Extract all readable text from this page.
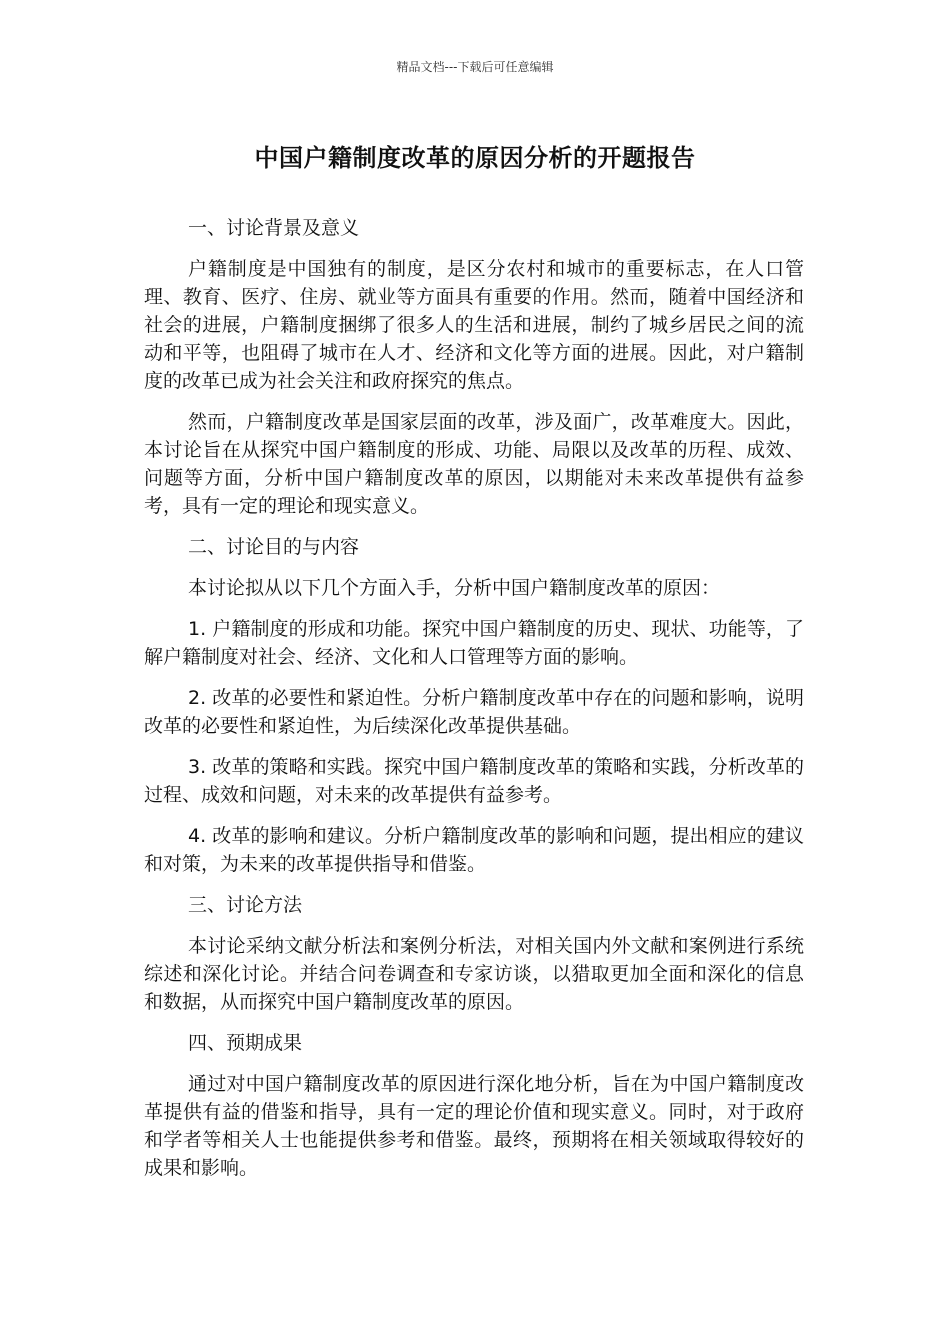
精品文档---下载后可任意编辑
中国户籍制度改革的原因分析的开题报告
一、讨论背景及意义
户籍制度是中国独有的制度，是区分农村和城市的重要标志，在人口管理、教育、医疗、住房、就业等方面具有重要的作用。然而，随着中国经济和社会的进展，户籍制度捆绑了很多人的生活和进展，制约了城乡居民之间的流动和平等，也阻碍了城市在人才、经济和文化等方面的进展。因此，对户籍制度的改革已成为社会关注和政府探究的焦点。
然而，户籍制度改革是国家层面的改革，涉及面广，改革难度大。因此，本讨论旨在从探究中国户籍制度的形成、功能、局限以及改革的历程、成效、问题等方面，分析中国户籍制度改革的原因，以期能对未来改革提供有益参考，具有一定的理论和现实意义。
二、讨论目的与内容
本讨论拟从以下几个方面入手，分析中国户籍制度改革的原因：
1. 户籍制度的形成和功能。探究中国户籍制度的历史、现状、功能等，了解户籍制度对社会、经济、文化和人口管理等方面的影响。
2. 改革的必要性和紧迫性。分析户籍制度改革中存在的问题和影响，说明改革的必要性和紧迫性，为后续深化改革提供基础。
3. 改革的策略和实践。探究中国户籍制度改革的策略和实践，分析改革的过程、成效和问题，对未来的改革提供有益参考。
4. 改革的影响和建议。分析户籍制度改革的影响和问题，提出相应的建议和对策，为未来的改革提供指导和借鉴。
三、讨论方法
本讨论采纳文献分析法和案例分析法，对相关国内外文献和案例进行系统综述和深化讨论。并结合问卷调查和专家访谈，以猎取更加全面和深化的信息和数据，从而探究中国户籍制度改革的原因。
四、预期成果
通过对中国户籍制度改革的原因进行深化地分析，旨在为中国户籍制度改革提供有益的借鉴和指导，具有一定的理论价值和现实意义。同时，对于政府和学者等相关人士也能提供参考和借鉴。最终，预期将在相关领域取得较好的成果和影响。
